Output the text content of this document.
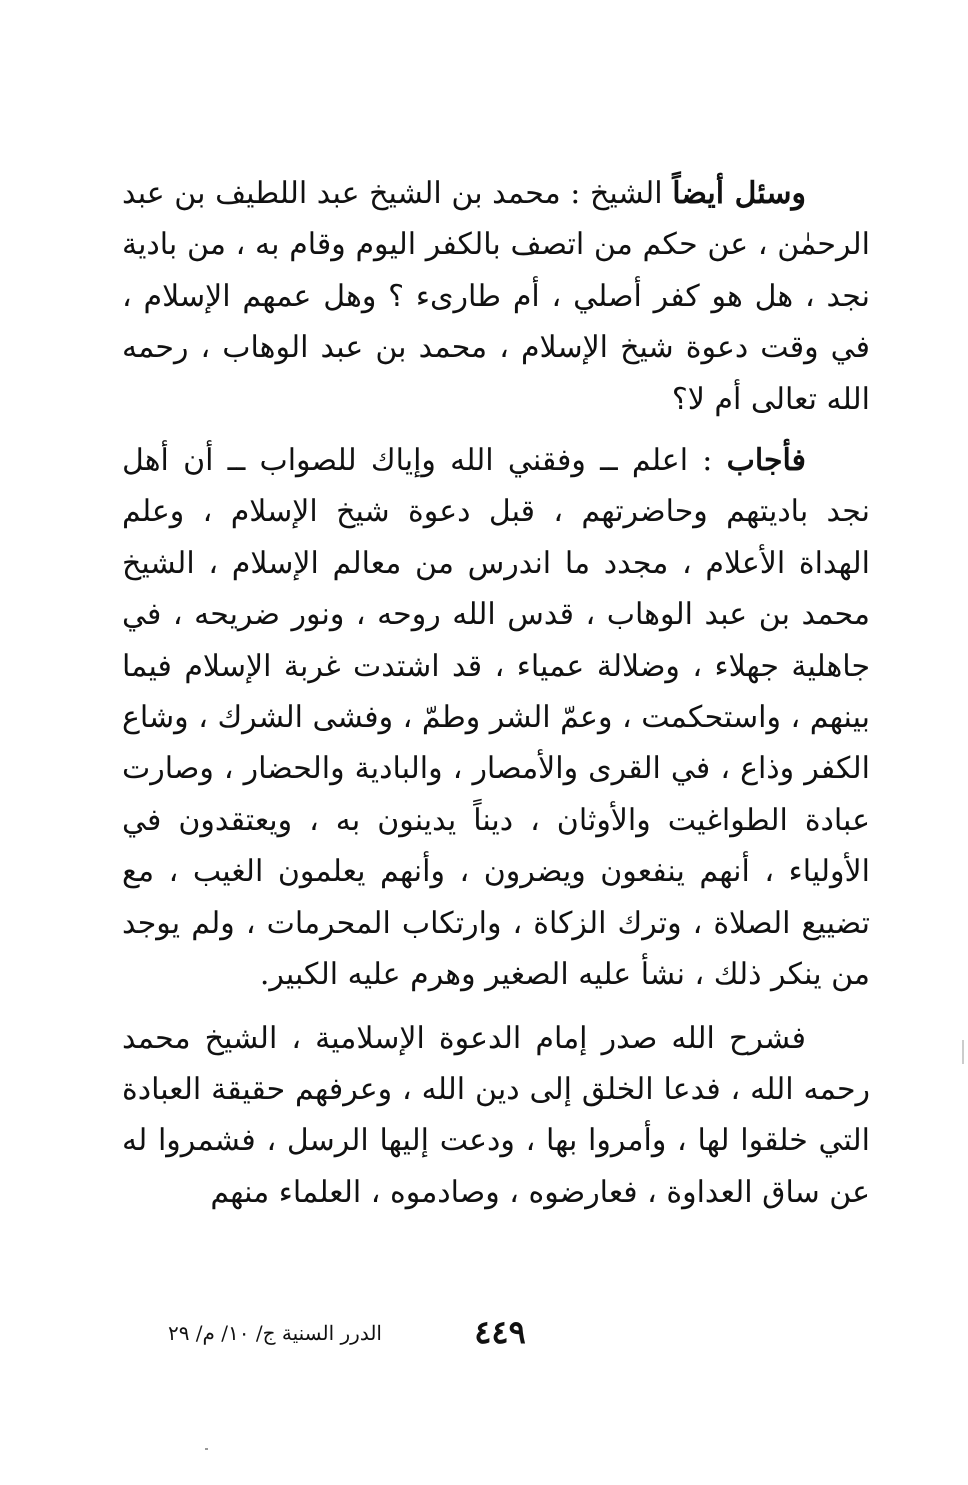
وسئل أيضاً الشيخ : محمد بن الشيخ عبد اللطيف بن عبد الرحمٰن ، عن حكم من اتصف بالكفر اليوم وقام به ، من بادية نجد ، هل هو كفر أصلي ، أم طارىء ؟ وهل عمهم الإسلام ، في وقت دعوة شيخ الإسلام ، محمد بن عبد الوهاب ، رحمه الله تعالى أم لا؟

فأجاب : اعلم ــ وفقني الله وإياك للصواب ــ أن أهل نجد باديتهم وحاضرتهم ، قبل دعوة شيخ الإسلام ، وعلم الهداة الأعلام ، مجدد ما اندرس من معالم الإسلام ، الشيخ محمد بن عبد الوهاب ، قدس الله روحه ، ونور ضريحه ، في جاهلية جهلاء ، وضلالة عمياء ، قد اشتدت غربة الإسلام فيما بينهم ، واستحكمت ، وعمّ الشر وطمّ ، وفشى الشرك ، وشاع الكفر وذاع ، في القرى والأمصار ، والبادية والحضار ، وصارت عبادة الطواغيت والأوثان ، ديناً يدينون به ، ويعتقدون في الأولياء ، أنهم ينفعون ويضرون ، وأنهم يعلمون الغيب ، مع تضييع الصلاة ، وترك الزكاة ، وارتكاب المحرمات ، ولم يوجد من ينكر ذلك ، نشأ عليه الصغير وهرم عليه الكبير.

فشرح الله صدر إمام الدعوة الإسلامية ، الشيخ محمد رحمه الله ، فدعا الخلق إلى دين الله ، وعرفهم حقيقة العبادة التي خلقوا لها ، وأمروا بها ، ودعت إليها الرسل ، فشمروا له عن ساق العداوة ، فعارضوه ، وصادموه ، العلماء منهم

٤٤٩
الدرر السنية ج/ ١٠/ م/ ٢٩
